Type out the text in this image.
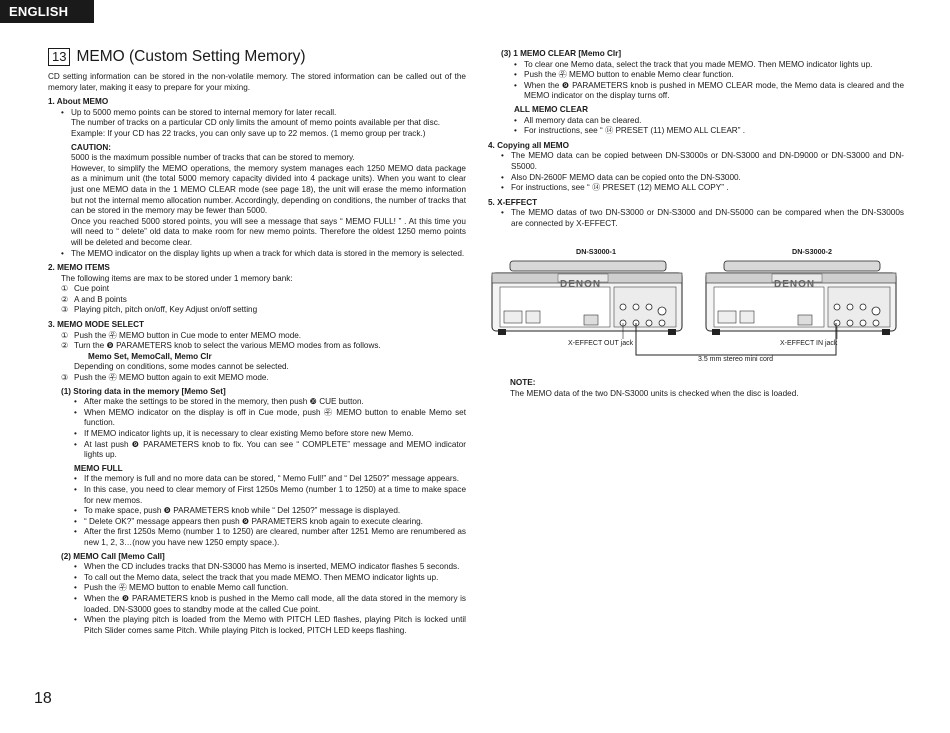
ENGLISH
13 MEMO (Custom Setting Memory)
CD setting information can be stored in the non-volatile memory. The stored information can be called out of the memory later, making it easy to prepare for your mixing.
1. About MEMO
• Up to 5000 memo points can be stored to internal memory for later recall.
The number of tracks on a particular CD only limits the amount of memo points available per that disc.
Example: If your CD has 22 tracks, you can only save up to 22 memos. (1 memo group per track.)
CAUTION:
5000 is the maximum possible number of tracks that can be stored to memory.
However, to simplify the MEMO operations, the memory system manages each 1250 MEMO data package as a minimum unit (the total 5000 memory capacity divided into 4 package units). When you want to clear just one MEMO data in the 1 MEMO CLEAR mode (see page 18), the unit will erase the memo information but not the internal memo allocation number. Accordingly, depending on conditions, the number of tracks that can be stored in the memory may be fewer than 5000.
Once you reached 5000 stored points, you will see a message that says “ MEMO FULL! ” . At this time you will need to “ delete” old data to make room for new memo points. Therefore the oldest 1250 memo points will be deleted and become clear.
• The MEMO indicator on the display lights up when a track for which data is stored in the memory is selected.
2. MEMO ITEMS
The following items are max to be stored under 1 memory bank:
① Cue point
② A and B points
③ Playing pitch, pitch on/off, Key Adjust on/off setting
3. MEMO MODE SELECT
① Push the ㉾ MEMO button in Cue mode to enter MEMO mode.
② Turn the ❾ PARAMETERS knob to select the various MEMO modes from as follows.
Memo Set, MemoCall, Memo Clr
Depending on conditions, some modes cannot be selected.
③ Push the ㉾ MEMO button again to exit MEMO mode.
(1) Storing data in the memory [Memo Set]
• After make the settings to be stored in the memory, then push ❿ CUE button.
• When MEMO indicator on the display is off in Cue mode, push ㉾ MEMO button to enable Memo set function.
• If MEMO indicator lights up, it is necessary to clear existing Memo before store new Memo.
• At last push ❾ PARAMETERS knob to fix. You can see “ COMPLETE” message and MEMO indicator lights up.
MEMO FULL
• If the memory is full and no more data can be stored, “ Memo Full!” and “ Del 1250?” message appears.
• In this case, you need to clear memory of First 1250s Memo (number 1 to 1250) at a time to make space for new memos.
• To make space, push ❾ PARAMETERS knob while “ Del 1250?” message is displayed.
• “ Delete OK?” message appears then push ❾ PARAMETERS knob again to execute clearing.
• After the first 1250s Memo (number 1 to 1250) are cleared, number after 1251 Memo are renumbered as new 1, 2, 3…(now you have new 1250 empty space.).
(2) MEMO Call [Memo Call]
• When the CD includes tracks that DN-S3000 has Memo is inserted, MEMO indicator flashes 5 seconds.
• To call out the Memo data, select the track that you made MEMO. Then MEMO indicator lights up.
• Push the ㉾ MEMO button to enable Memo call function.
• When the ❾ PARAMETERS knob is pushed in the Memo call mode, all the data stored in the memory is loaded. DN-S3000 goes to standby mode at the called Cue point.
• When the playing pitch is loaded from the Memo with PITCH LED flashes, playing Pitch is locked until Pitch Slider comes same Pitch. While playing Pitch is locked, PITCH LED keeps flashing.
(3) 1 MEMO CLEAR [Memo Clr]
• To clear one Memo data, select the track that you made MEMO. Then MEMO indicator lights up.
• Push the ㉾ MEMO button to enable Memo clear function.
• When the ❾ PARAMETERS knob is pushed in MEMO CLEAR mode, the Memo data is cleared and the MEMO indicator on the display turns off.
ALL MEMO CLEAR
• All memory data can be cleared.
• For instructions, see “ ⑭ PRESET (11) MEMO ALL CLEAR” .
4. Copying all MEMO
• The MEMO data can be copied between DN-S3000s or DN-S3000 and DN-D9000 or DN-S3000 and DN-S5000.
• Also DN-2600F MEMO data can be copied onto the DN-S3000.
• For instructions, see “ ⑭ PRESET (12) MEMO ALL COPY” .
5. X-EFFECT
• The MEMO datas of two DN-S3000 or DN-S3000 and DN-S5000 can be compared when the DN-S3000s are connected by X-EFFECT.
DN-S3000-1	DN-S3000-2
DENON	DENON
X-EFFECT OUT jack	X-EFFECT IN jack
3.5 mm stereo mini cord
NOTE:
The MEMO data of the two DN-S3000 units is checked when the disc is loaded.
18
